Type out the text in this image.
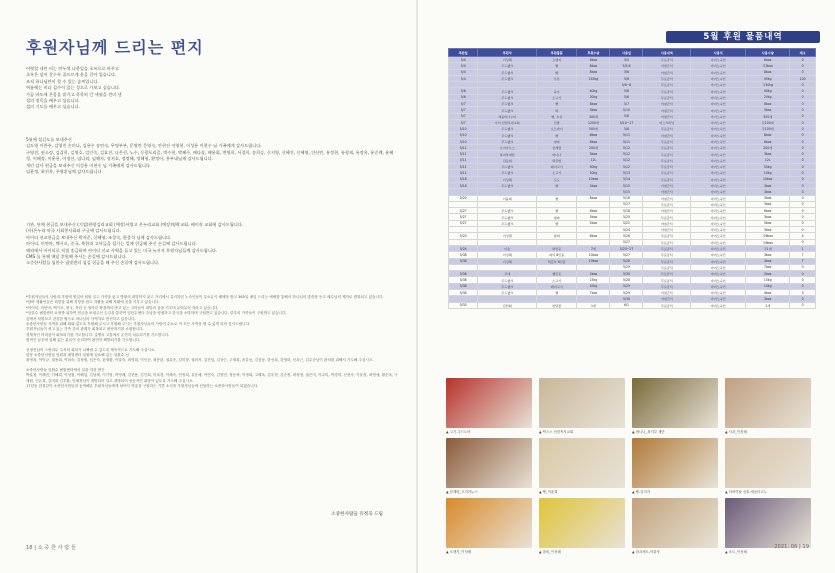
후원자님께 드리는 편지

어렷할 내린 비는 연두색 나뭇잎을 초록으로 바꾸고
초록은 넣어 갈수록 짙프르게 웃을 갈아 입습니다.
조직 하나님만이 할 수 있는 솜씨입니다.
여름에는 비다 겁수이 있는 성으로 가보고 싶습니다.
가끔 바도에 온몸을 맡기고 묵묵히 긴 세월을 견뎌 낸
섬의 정목을 배우고 싶습니다.
섬의 기도를 배우고 싶습니다.

5월에 섬길도를 보내주신
김도영 이한주, 김영진 손미나, 김용수 송연숙, 무명부부, 문영란 문영숙, 안현진 이영현, 이성용 이현수 님 가족에게 감사드립니다.
구영진, 권소정, 김갑희, 김영호, 김인숙, 김효진, 나은선, 노수, 동광포리즘, 박수현, 박혜수, 배다솔, 배용휘, 변명희, 서경희, 송희승, 신지영, 신혜진, 신혜영, 안산빈, 유정현, 유형재, 유정옥, 윤순례, 윤혜정, 이혜정, 이윤용, 이정선, 임나리, 임해자, 장지호, 정정혜, 정혜형, 황정아, 홍부네님께 감사드립니다.
개인 감사 현금을 보내주신 이성용 이현수 님 가족에게 감사드립니다.
임윤정, 최진옥, 주영훈님께 감사드립니다.

기관, 단체 현금을 보내주신 (기업)한양김리교회 (예장)서빙고 온누리교회 (예장)영락교회, 베이직 교회에 감사드립니다.
(사)온누리 약국 사회봉사회와 구글에 감사드립니다.
아이티 선교헌금을 보내주신 박서준, 신혜영, 조창숙, 한종석 님께 감사드립니다.
아이티, 미얀마, 멕시코, 중국, 북한과 고아들을 섬기는 일에 헌금해 주신 손길에 감사드립니다.
해외에서 아이티로 직접 송금하여 아이티 선교 사역을 돕고 있는 미국 뉴저지 후원자님들께 감사드립니다.
CMS 를 통해 매달 후원해 주시는 손길에 감사드립니다.
소중한사람들 임한수 필빛센터 섬김 헌금을 해 주신 손길에 감사드립니다.

*후원자님들의 사랑과 후원에 힘입어 팀원 일고 가족을 잃고 방황의 희망까지 잃고 거리에서 유리하던 노숙인들이 무료급식 혜택을 받고 365일 매일 드리는 예배를 통해서 하나님의 말씀을 듣고 매수님의 제자로 변화되고 있습니다.

*함바 생활인들은 희망을 위해 직장을 잡고 자활을 위해 자활에 꿈을 키우고 있습니다.

*아이티, 미얀마, 멕시코, 중국, 북한 등 열악한 환경에서 받고 있는 고아들이 희망과 꿈을 키우며 무럭무럭 자라고 있습니다.

*임한수 필빛센터 요양중 위하여 헌금을 보내주신 손길을 통하여 임한수센터 주님을 영접하고 한국을 소망하며 구원받고 있습니다. 한우의 가족들이 구원받고 있습니다.

앞에서 차원보고 건강한 팔으로 하나님의 사역자로 헌신하고 있습니다.

소중한사람들 사역을 위해 회와 없도록 후원해 주시고 후원해 주시는 후원자님들의 사랑이 수요로 이 모든 사역을 할 수 있게 되어 감사드립니다.

후원자님들이 귀고 있는 가족 간의 관계가 회복되고 평안하기를 소원합니다.

경제적인 어려움이 회복되기를 기도합니다. 질병의 고통에서 온전히 치유되기를 기도합니다.

범직인 꿈우에 업해 있는 분들이 승리하여 완전히 해방되기를 기도합니다.

신형진님이 스펀라무 주서의 회의가 나빠날 수 있도록 계속적으로 기도해 주십시오.

함봉 소중한사람들 임원과 필빛센터 임원에 입소해 있는 임환수 님

최영치, 이덕규, 권용희, 이복숙, 김정철, 임은숙, 윤재환, 이달숙, 최영희, 이인순, 최봉관, 권유송, 김미향, 권의자, 김진임, 김상근, 주재희, 윤유동, 김상동, 한선희, 강영화, 신옥근, 김무순님이 완치를 위해서 기도해 주십시오.

소중한사람들 임환수 필빛센터에서 일을 자강 받은

박효창, 이혜진, 이혜희, 이성철, 이해업, 김남례, 이기영, 박영례, 김현용, 김인희, 아옥경, 이혜숙, 민정희, 유운혜, 이연숙, 김영민, 정동혁, 이정희, 고혜옥, 김우현, 김순정, 최정영, 권은미, 이수미, 박경미, 신현숙, 이윤정, 최영애, 황순옥, 구재원, 인돈희, 김미희 김우환, 인혜정님이 개발되어 일고 대병되어 성공적인 회담이 있도록 기도해 주십시오.

17년동 한결같이 소중한사람들과 동역해온 후원자님들에게 날아다 영롱을 구원하는 기쁜 소식을 후원자님들에 선물하는 소중한사람들이 되겠습니다.

소중한사람들 유정욱 드림
18 | 소 중 한 사 람 들
5월 후원 물품내역
후원일	후원자	후원물품	후원수량	사용일	사용내역	사용처	사용수량	재고
5/4	이성혜	오렌지	6box	5/5	무료급식	자지노숙인	6box	0
5/4	주드웰크	빵	6box	5/5,6	아침간식	자지노숙인	각3box	0
5/4	주드웰크	빵	8box	5/6	아침간식	자지노숙인	8box	0
5/4	주드웰크	우유	145kg	5/6	무료급식	자지노숙인	45kg	100
				5/6~8	무료급식	자지노숙인	각30kg	0
5/6	주드웰크	육수	40kg	5/6	무료급식	자지노숙인	40kg	0
5/6	주드웰크	소고기	20kg	5/6	무료급식	자지노숙인	20kg	0
5/7	주드웰크	빵	8box	5/7	아침간식	자지노숙인	8box	0
5/7	주드웰크	떡	3box	5/10	아침간식	자지노숙인	3box	0
5/7	세움터나누미	빵, 우유	300개	5/8	아침간식	자지노숙인	300개	0
5/7	수석 선한목자교회	김밥	1200개	5/10~17	어스크리닝	자지노숙인	각100개	0
5/10	주드웰크	오르바이	500개	5/8	무료급식	자지노숙인	각100개	0
5/10	주드웰크	빵	8box	5/11	아침간식	자지노숙인	8box	0
5/10	주드웰크	양파	6box	5/11	무료급식	자지노숙인	6box	0
5/11	오지아누스	삼계탕	200개	5/12	무료급식	자지노숙인	200개	0
5/11	복지부재단	바나나	3box	5/12	무료급식	자지노숙인	3box	0
5/11	김동현	떡김밥	12L	5/12	무료급식	자지노숙인	12L	0
5/11	주드웰크	돼지고기	50kg	5/12	무료급식	자지노숙인	50kg	0
5/11	주드웰크	소고기	10kg	5/13	무료급식	자지노숙인	10kg	0
5/18	이성혜	포도	10box	5/14	무료급식	자지노숙인	10box	0
5/18	주드웰크	빵	3box	5/15	아침간식	자지노숙인	3box	0
				5/15	아침간식	자지노숙인	3box	3
5/20	이윤희	빵	8box	5/16	아침간식	자지노숙인	3box	0
				5/17	무료급식	자지노숙인	3box	0
5/27	주드웰크	빵	6box	5/18	아침간식	자지노숙인	6box	0
5/27	주드웰크	양파	3box	5/20	무료급식	자지노숙인	3box	0
5/27	주드웰크	빵	5box	5/22	아침간식	자지노숙인	5box	0
				5/24	아침간식	자지노숙인	3box	0
5/23	이성혜	참외	6box	5/26	무료급식	자지노숙인	각6box	4
				5/27	무료급식	자지노숙인	각6box	0
5/24	이승	떡만둣	7개	5/20~27	무료급식	자지노숙인	각1개	1
5/38	이성혜	파이 8인용	10box	5/27	무료급식	자지노숙인	3box	7
5/38	이성혜	떡흥부 8인용	10box	5/28	무료급식	자지노숙인	3box	7
				5/29	무료급식	자지노숙인	7box	0
5/36	주네	햄만둣	2box	5/30	무료급식	자지노숙인	2box	0
5/38	주드웰크	소고기	15kg	5/28	무료급식	자지노숙인	15kg	0
5/38	주드웰크	돼지고기	10kg	5/29	무료급식	자지노숙인	10kg	0
5/38	주드웰크	빵	7box	5/29	아침간식	자지노숙인	4box	3
				5/30	아침간식	자지노숙인	3box	0
5/33	김선희	한당물	1개	6/1	무료급식	자지노숙인	1개	0
▲ 고기-주드노어	▲ 떡스스 선한목자교회	▲ 바나나_복지부 재단	▲ 사과_이성혜
▲ 삼계탕_오지아누스	▲ 빵_이윤희	▲ 빵-김미자	▲ 어버이날 선물-세움터나누
▲ 오렌지_이성혜	▲ 참외_이성혜	▲ 한과세트-이화자	▲ 포도_이성혜
2021. 06 | 19
